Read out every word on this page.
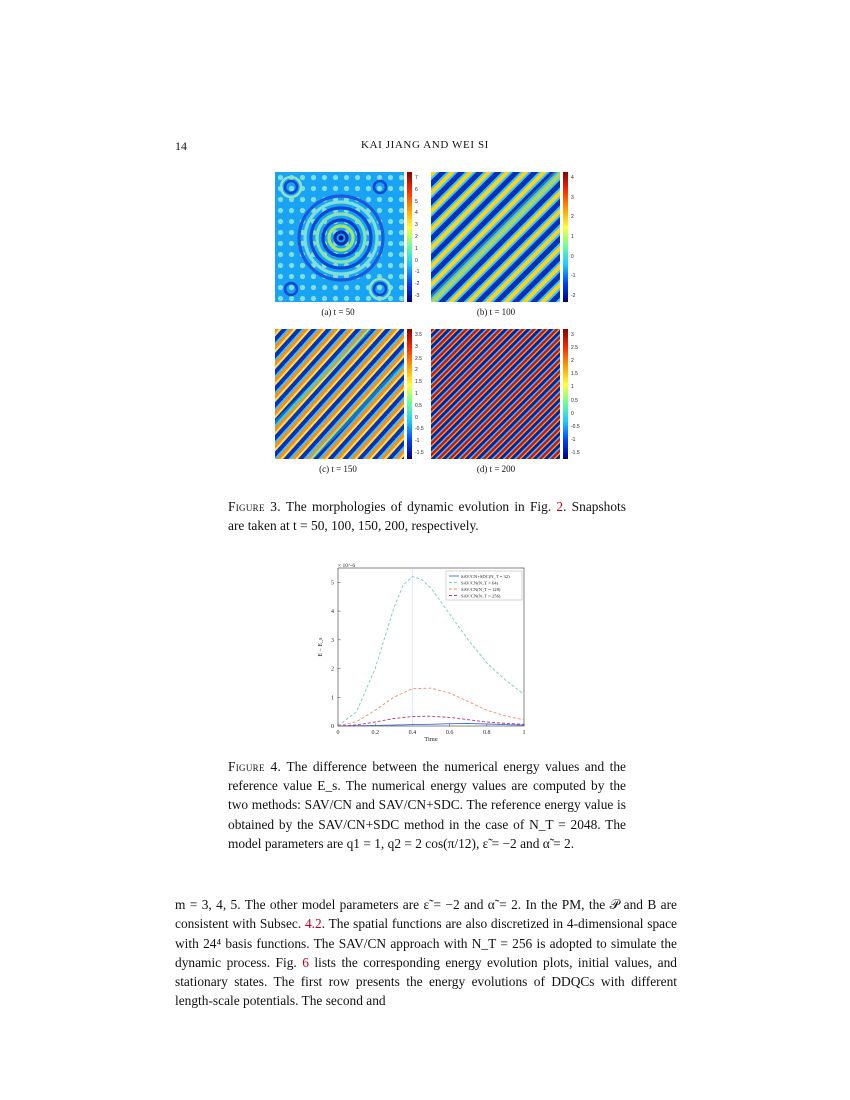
14	KAI JIANG AND WEI SI
7
6
5
4
3
2
1
0
-1
-2
-3
(a) t = 50
4
3
2
1
0
-1
-2
(b) t = 100
3.5
3
2.5
2
1.5
1
0.5
0
-0.5
-1
-1.5
(c) t = 150
3
2.5
2
1.5
1
0.5
0
-0.5
-1
-1.5
(d) t = 200
Figure 3. The morphologies of dynamic evolution in Fig. 2. Snapshots are taken at t = 50, 100, 150, 200, respectively.
0	0.2	0.4	0.6	0.8	1
0
1
2
3
4
5
Time
E − E_s
× 10^-6
SAV/CN+SDC(N_T = 32)
SAV/CN(N_T = 64)
SAV/CN(N_T = 128)
SAV/CN(N_T = 256)
Figure 4. The difference between the numerical energy values and the reference value E_s. The numerical energy values are computed by the two methods: SAV/CN and SAV/CN+SDC. The reference energy value is obtained by the SAV/CN+SDC method in the case of N_T = 2048. The model parameters are q1 = 1, q2 = 2 cos(π/12), ε̃ = −2 and α̃ = 2.
m = 3, 4, 5. The other model parameters are ε̃ = −2 and α̃ = 2. In the PM, the 𝒫 and B are consistent with Subsec. 4.2. The spatial functions are also discretized in 4-dimensional space with 24⁴ basis functions. The SAV/CN approach with N_T = 256 is adopted to simulate the dynamic process. Fig. 6 lists the corresponding energy evolution plots, initial values, and stationary states. The first row presents the energy evolutions of DDQCs with different length-scale potentials. The second and
